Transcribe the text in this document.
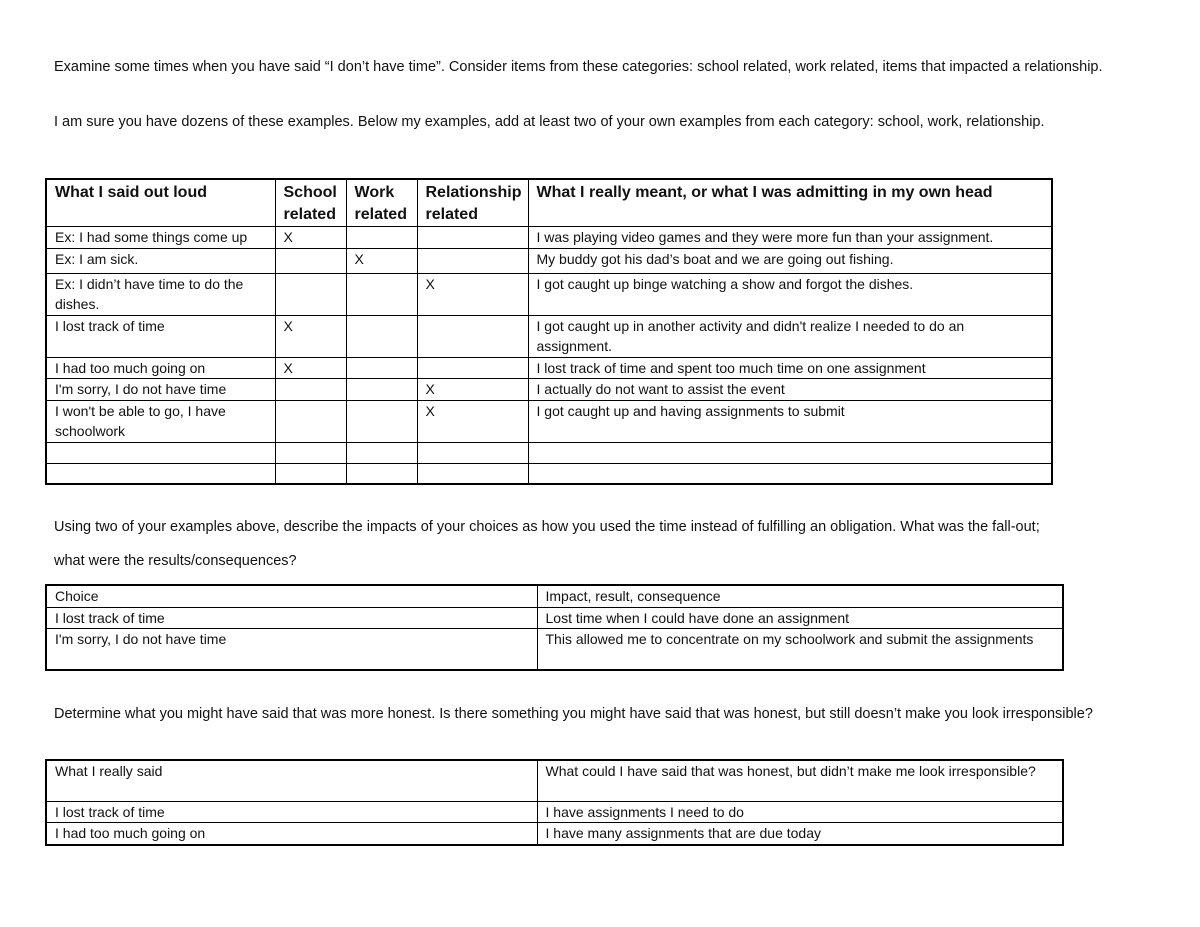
Examine some times when you have said “I don’t have time”. Consider items from these categories: school related, work related, items that impacted a relationship.

I am sure you have dozens of these examples. Below my examples, add at least two of your own examples from each category: school, work, relationship.

What I said out loud	School related	Work related	Relationship related	What I really meant, or what I was admitting in my own head
Ex: I had some things come up	X			I was playing video games and they were more fun than your assignment.
Ex: I am sick.		X		My buddy got his dad’s boat and we are going out fishing.
Ex: I didn’t have time to do the dishes.			X	I got caught up binge watching a show and forgot the dishes.
I lost track of time	X			I got caught up in another activity and didn't realize I needed to do an assignment.
I had too much going on	X			I lost track of time and spent too much time on one assignment
I'm sorry, I do not have time			X	I actually do not want to assist the event
I won't be able to go, I have schoolwork			X	I got caught up and having assignments to submit

Using two of your examples above, describe the impacts of your choices as how you used the time instead of fulfilling an obligation. What was the fall-out;

what were the results/consequences?

Choice	Impact, result, consequence
I lost track of time	Lost time when I could have done an assignment
I'm sorry, I do not have time	This allowed me to concentrate on my schoolwork and submit the assignments

Determine what you might have said that was more honest. Is there something you might have said that was honest, but still doesn’t make you look irresponsible?

What I really said	What could I have said that was honest, but didn’t make me look irresponsible?
I lost track of time	I have assignments I need to do
I had too much going on	I have many assignments that are due today
